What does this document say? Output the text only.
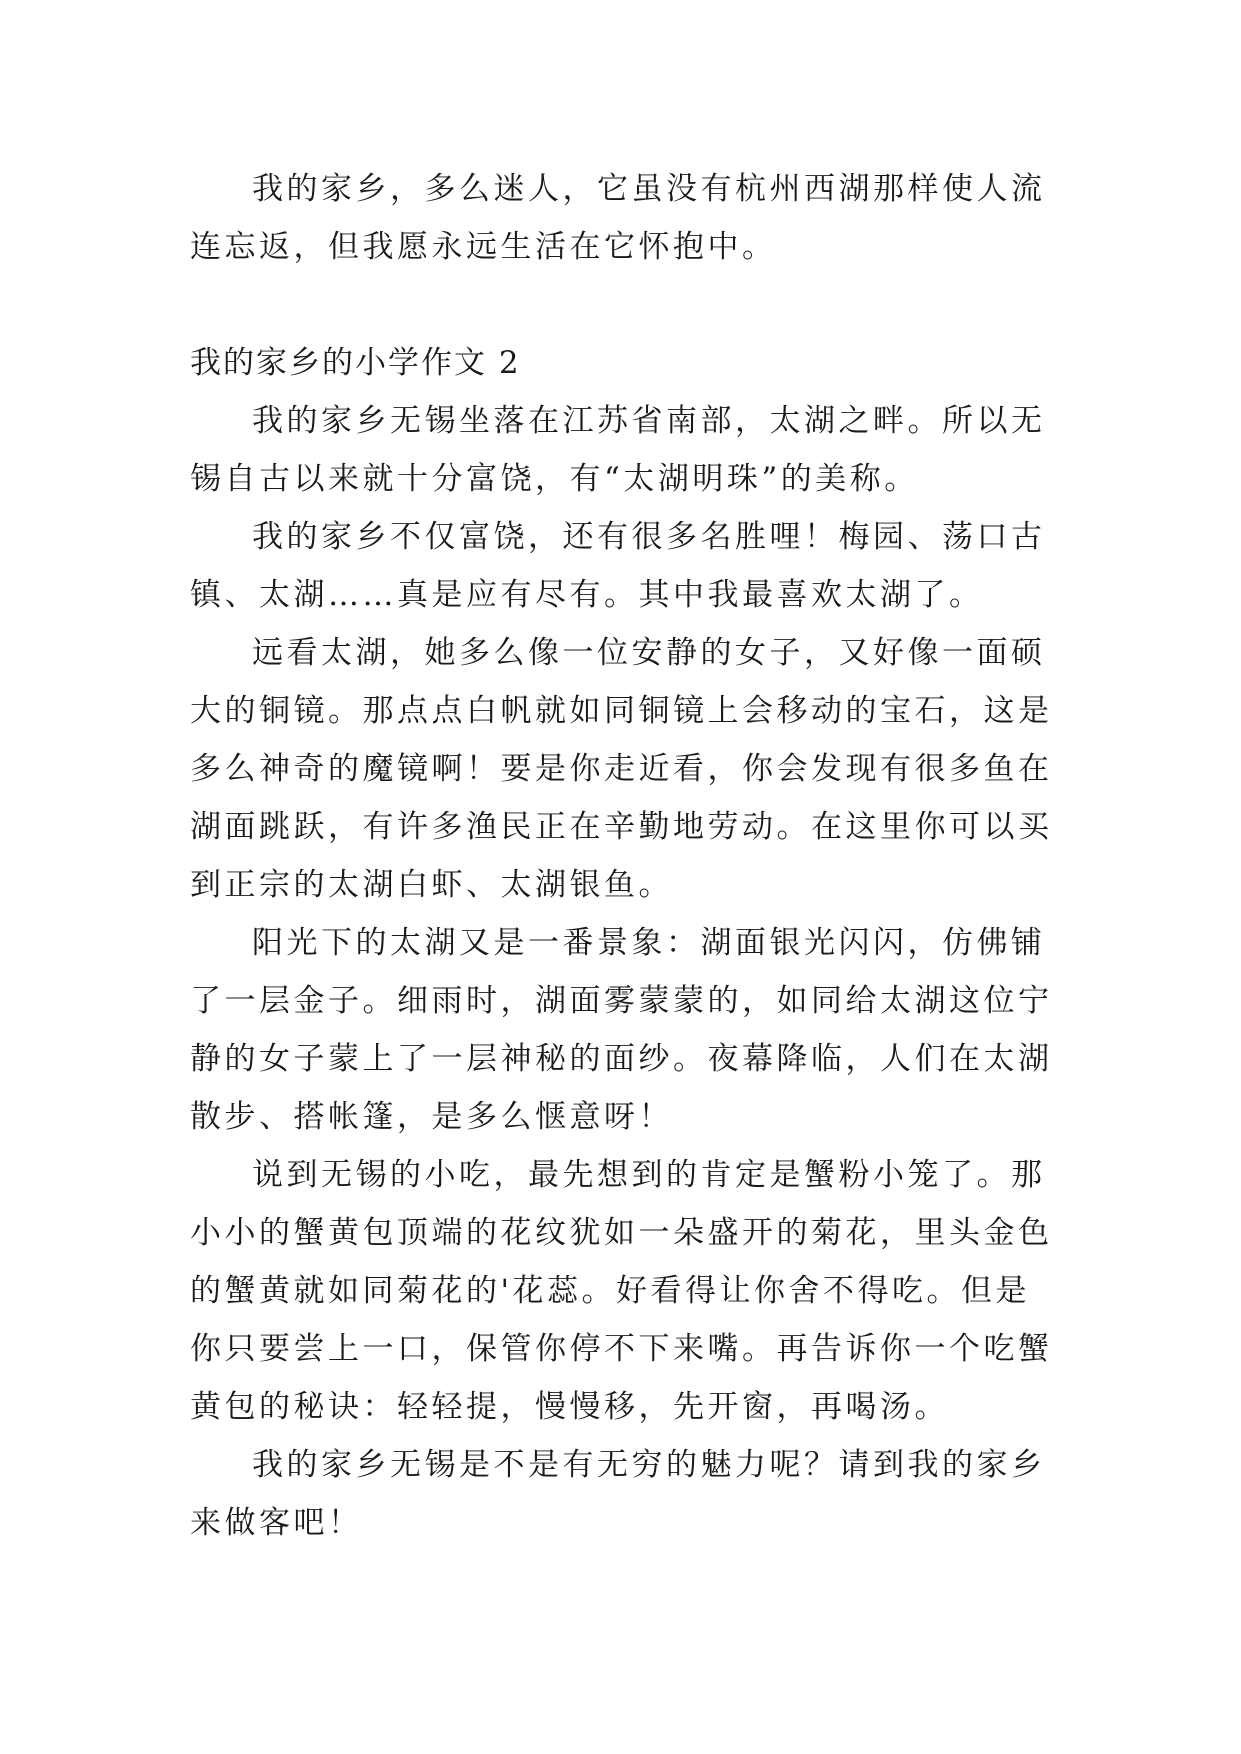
我的家乡，多么迷人，它虽没有杭州西湖那样使人流连忘返，但我愿永远生活在它怀抱中。

我的家乡的小学作文 2

我的家乡无锡坐落在江苏省南部，太湖之畔。所以无锡自古以来就十分富饶，有“太湖明珠”的美称。

我的家乡不仅富饶，还有很多名胜哩！梅园、荡口古镇、太湖……真是应有尽有。其中我最喜欢太湖了。

远看太湖，她多么像一位安静的女子，又好像一面硕大的铜镜。那点点白帆就如同铜镜上会移动的宝石，这是多么神奇的魔镜啊！要是你走近看，你会发现有很多鱼在湖面跳跃，有许多渔民正在辛勤地劳动。在这里你可以买到正宗的太湖白虾、太湖银鱼。

阳光下的太湖又是一番景象：湖面银光闪闪，仿佛铺了一层金子。细雨时，湖面雾蒙蒙的，如同给太湖这位宁静的女子蒙上了一层神秘的面纱。夜幕降临，人们在太湖散步、搭帐篷，是多么惬意呀！

说到无锡的小吃，最先想到的肯定是蟹粉小笼了。那小小的蟹黄包顶端的花纹犹如一朵盛开的菊花，里头金色的蟹黄就如同菊花的'花蕊。好看得让你舍不得吃。但是你只要尝上一口，保管你停不下来嘴。再告诉你一个吃蟹黄包的秘诀：轻轻提，慢慢移，先开窗，再喝汤。

我的家乡无锡是不是有无穷的魅力呢？请到我的家乡来做客吧！
